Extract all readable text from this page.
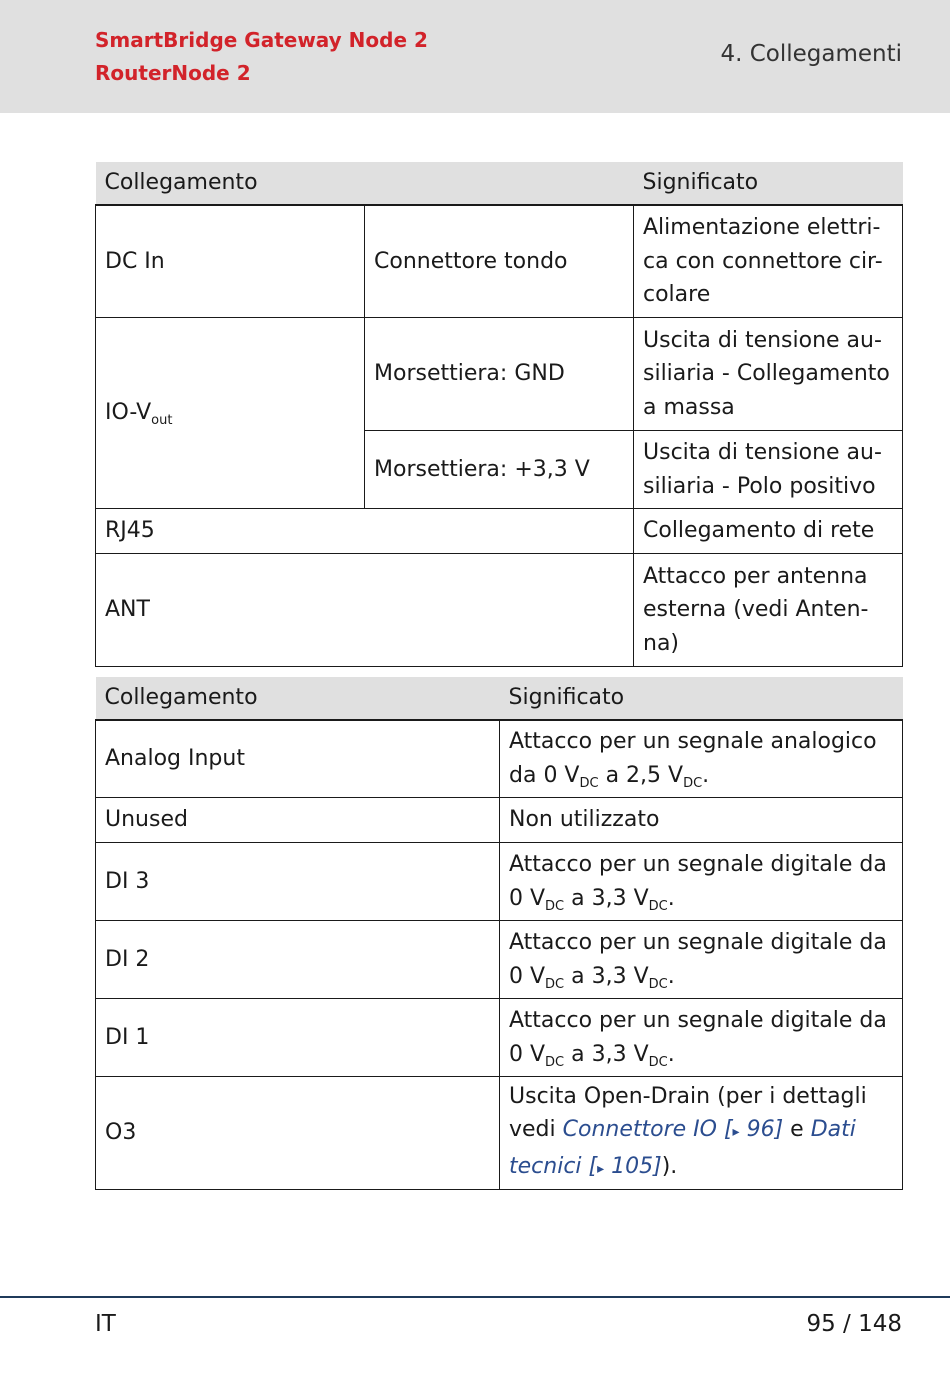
SmartBridge Gateway Node 2
RouterNode 2
4. Collegamenti
Collegamento		Significato
DC In	Connettore tondo	Alimentazione elettri-ca con connettore cir-colare
$IO-V_{out}$	Morsettiera: GND	Uscita di tensione au-siliaria - Collegamento a massa
	Morsettiera: +3,3 V	Uscita di tensione au-siliaria - Polo positivo
RJ45		Collegamento di rete
ANT		Attacco per antenna esterna (vedi Anten-na)
Collegamento	Significato
Analog Input	Attacco per un segnale analogico da 0 $V_{DC}$ a 2,5 $V_{DC}$.
Unused	Non utilizzato
DI 3	Attacco per un segnale digitale da 0 $V_{DC}$ a 3,3 $V_{DC}$.
DI 2	Attacco per un segnale digitale da 0 $V_{DC}$ a 3,3 $V_{DC}$.
DI 1	Attacco per un segnale digitale da 0 $V_{DC}$ a 3,3 $V_{DC}$.
O3	Uscita Open-Drain (per i dettagli vedi Connettore IO [▸ 96] e Dati tecnici [▸ 105]).
IT	95 / 148
